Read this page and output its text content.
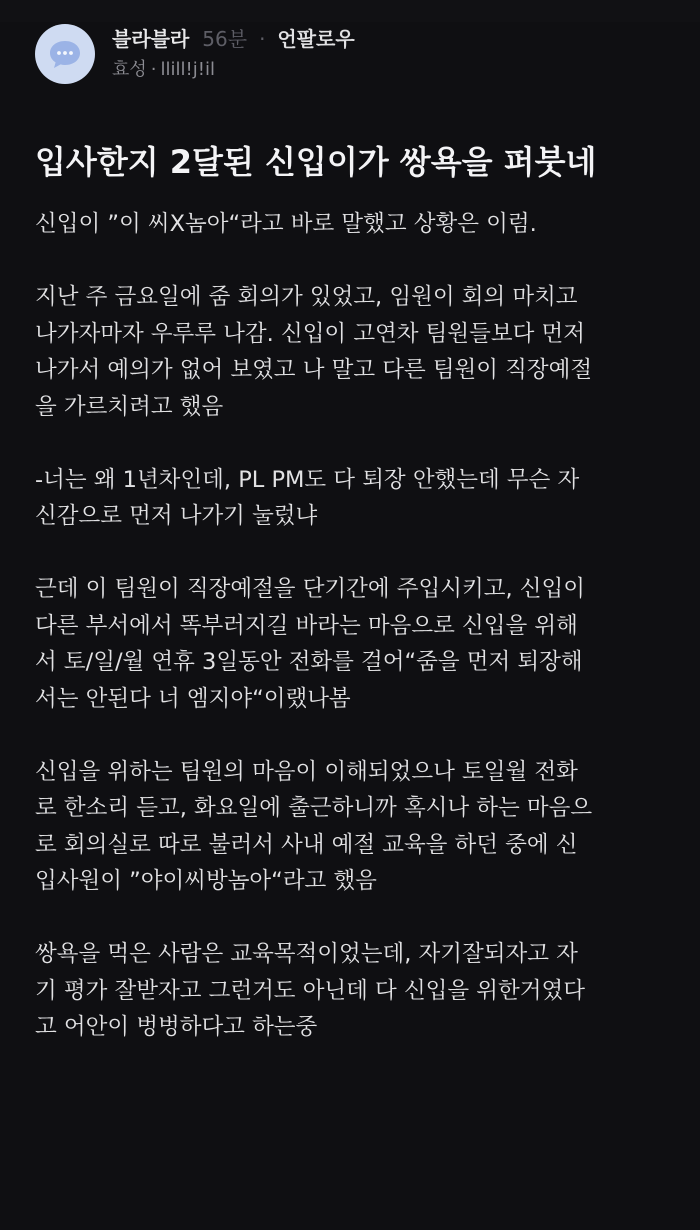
블라블라 56분 · 언팔로우
효성 · llill!j!il
입사한지 2달된 신입이가 쌍욕을 퍼붓네
신입이 ”이 씨X놈아“라고 바로 말했고 상황은 이럼.
지난 주 금요일에 줌 회의가 있었고, 임원이 회의 마치고
나가자마자 우루루 나감. 신입이 고연차 팀원들보다 먼저
나가서 예의가 없어 보였고 나 말고 다른 팀원이 직장예절
을 가르치려고 했음
-너는 왜 1년차인데, PL PM도 다 퇴장 안했는데 무슨 자
신감으로 먼저 나가기 눌렀냐
근데 이 팀원이 직장예절을 단기간에 주입시키고, 신입이
다른 부서에서 똑부러지길 바라는 마음으로 신입을 위해
서 토/일/월 연휴 3일동안 전화를 걸어“줌을 먼저 퇴장해
서는 안된다 너 엠지야“이랬나봄
신입을 위하는 팀원의 마음이 이해되었으나 토일월 전화
로 한소리 듣고, 화요일에 출근하니까 혹시나 하는 마음으
로 회의실로 따로 불러서 사내 예절 교육을 하던 중에 신
입사원이 ”야이씨방놈아“라고 했음
쌍욕을 먹은 사람은 교육목적이었는데, 자기잘되자고 자
기 평가 잘받자고 그런거도 아닌데 다 신입을 위한거였다
고 어안이 벙벙하다고 하는중
